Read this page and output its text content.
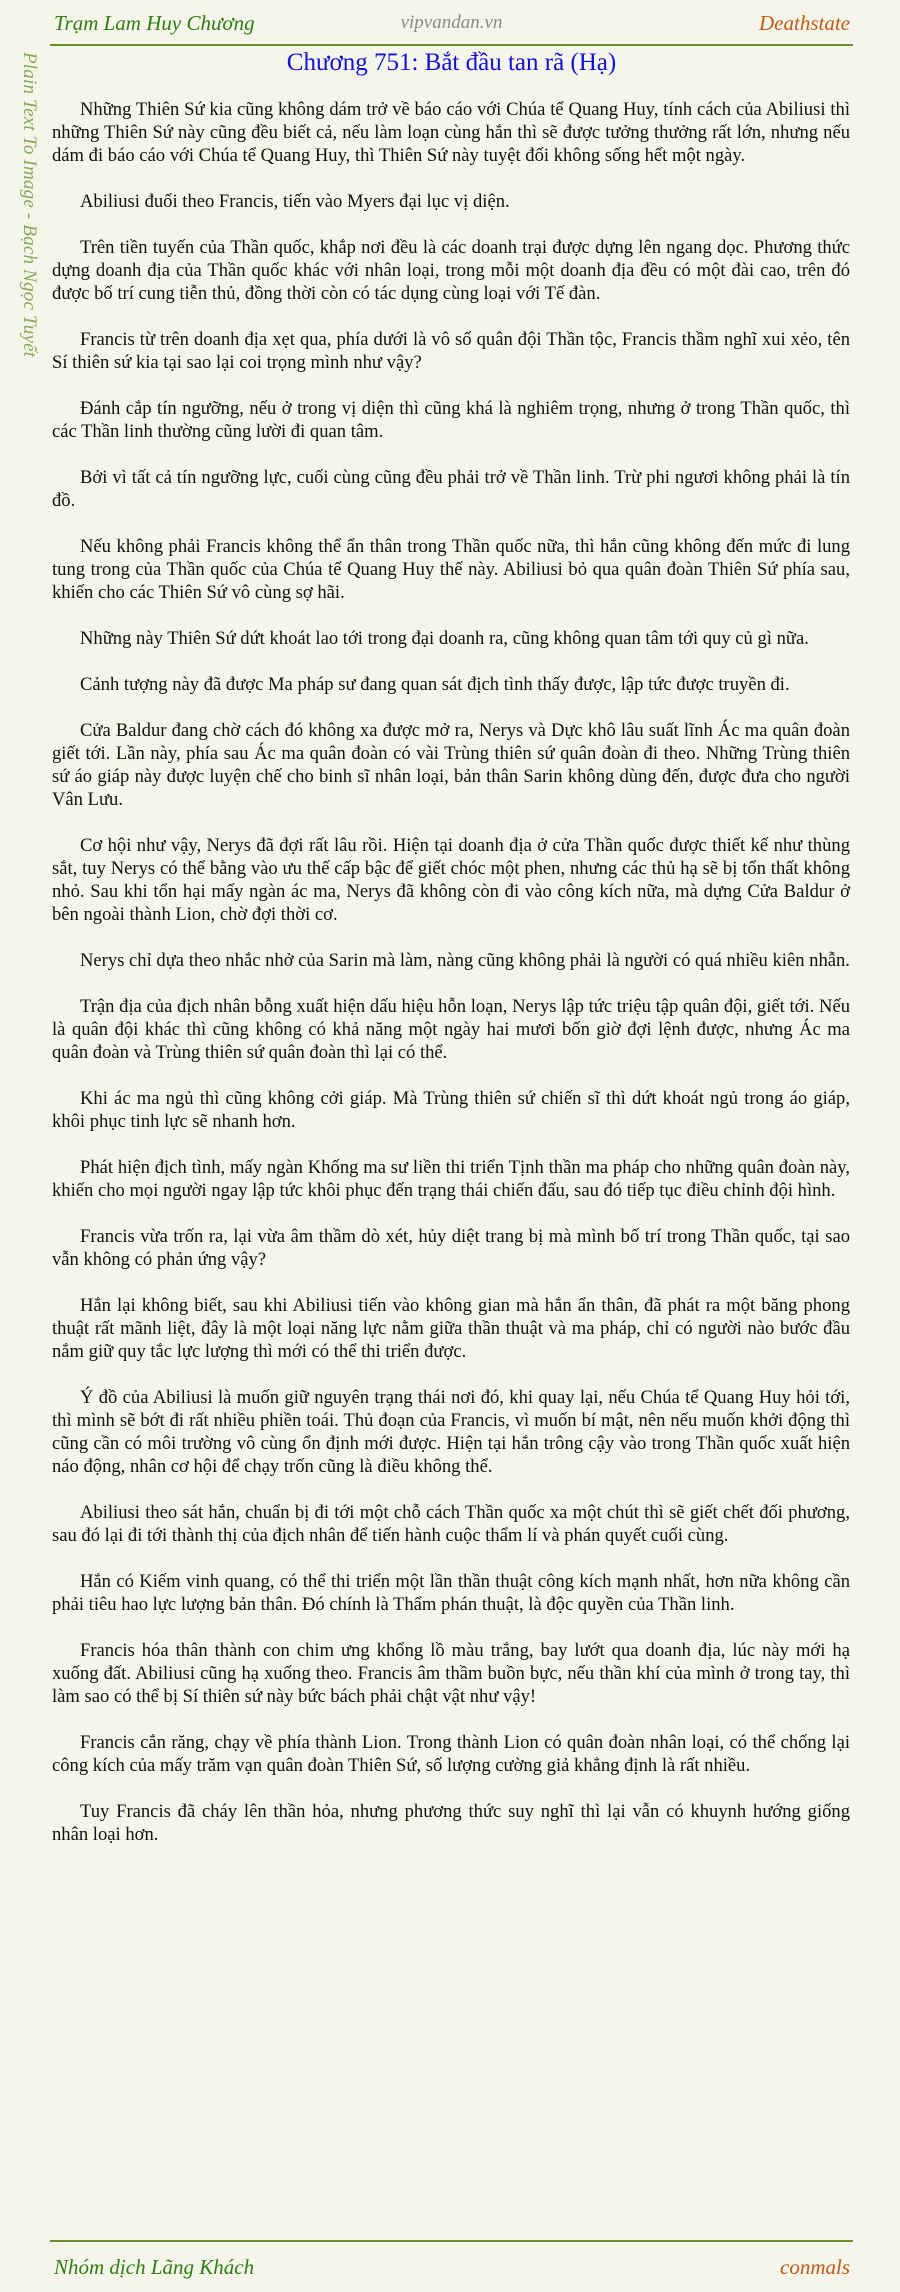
Trạm Lam Huy Chương	vipvandan.vn	Deathstate
Plain Text To Image - Bạch Ngọc Tuyết	Chương 751: Bắt đầu tan rã (Hạ)

Những Thiên Sứ kia cũng không dám trở về báo cáo với Chúa tể Quang Huy, tính cách của Abiliusi thì những Thiên Sứ này cũng đều biết cả, nếu làm loạn cùng hắn thì sẽ được tưởng thưởng rất lớn, nhưng nếu dám đi báo cáo với Chúa tể Quang Huy, thì Thiên Sứ này tuyệt đối không sống hết một ngày.

Abiliusi đuổi theo Francis, tiến vào Myers đại lục vị diện.

Trên tiền tuyến của Thần quốc, khắp nơi đều là các doanh trại được dựng lên ngang dọc. Phương thức dựng doanh địa của Thần quốc khác với nhân loại, trong mỗi một doanh địa đều có một đài cao, trên đó được bố trí cung tiễn thủ, đồng thời còn có tác dụng cùng loại với Tế đàn.

Francis từ trên doanh địa xẹt qua, phía dưới là vô số quân đội Thần tộc, Francis thầm nghĩ xui xẻo, tên Sí thiên sứ kia tại sao lại coi trọng mình như vậy?

Đánh cắp tín ngưỡng, nếu ở trong vị diện thì cũng khá là nghiêm trọng, nhưng ở trong Thần quốc, thì các Thần linh thường cũng lười đi quan tâm.

Bởi vì tất cả tín ngưỡng lực, cuối cùng cũng đều phải trở về Thần linh. Trừ phi ngươi không phải là tín đồ.

Nếu không phải Francis không thể ẩn thân trong Thần quốc nữa, thì hắn cũng không đến mức đi lung tung trong của Thần quốc của Chúa tể Quang Huy thế này. Abiliusi bỏ qua quân đoàn Thiên Sứ phía sau, khiến cho các Thiên Sứ vô cùng sợ hãi.

Những này Thiên Sứ dứt khoát lao tới trong đại doanh ra, cũng không quan tâm tới quy củ gì nữa.

Cảnh tượng này đã được Ma pháp sư đang quan sát địch tình thấy được, lập tức được truyền đi.

Cửa Baldur đang chờ cách đó không xa được mở ra, Nerys và Dực khô lâu suất lĩnh Ác ma quân đoàn giết tới. Lần này, phía sau Ác ma quân đoàn có vài Trùng thiên sứ quân đoàn đi theo. Những Trùng thiên sứ áo giáp này được luyện chế cho binh sĩ nhân loại, bản thân Sarin không dùng đến, được đưa cho người Vân Lưu.

Cơ hội như vậy, Nerys đã đợi rất lâu rồi. Hiện tại doanh địa ở cửa Thần quốc được thiết kế như thùng sắt, tuy Nerys có thể bằng vào ưu thế cấp bậc để giết chóc một phen, nhưng các thủ hạ sẽ bị tổn thất không nhỏ. Sau khi tổn hại mấy ngàn ác ma, Nerys đã không còn đi vào công kích nữa, mà dựng Cửa Baldur ở bên ngoài thành Lion, chờ đợi thời cơ.

Nerys chỉ dựa theo nhắc nhở của Sarin mà làm, nàng cũng không phải là người có quá nhiều kiên nhẫn.

Trận địa của địch nhân bỗng xuất hiện dấu hiệu hỗn loạn, Nerys lập tức triệu tập quân đội, giết tới. Nếu là quân đội khác thì cũng không có khả năng một ngày hai mươi bốn giờ đợi lệnh được, nhưng Ác ma quân đoàn và Trùng thiên sứ quân đoàn thì lại có thể.

Khi ác ma ngủ thì cũng không cởi giáp. Mà Trùng thiên sứ chiến sĩ thì dứt khoát ngủ trong áo giáp, khôi phục tinh lực sẽ nhanh hơn.

Phát hiện địch tình, mấy ngàn Khống ma sư liền thi triển Tịnh thần ma pháp cho những quân đoàn này, khiến cho mọi người ngay lập tức khôi phục đến trạng thái chiến đấu, sau đó tiếp tục điều chỉnh đội hình.

Francis vừa trốn ra, lại vừa âm thầm dò xét, hủy diệt trang bị mà mình bố trí trong Thần quốc, tại sao vẫn không có phản ứng vậy?

Hắn lại không biết, sau khi Abiliusi tiến vào không gian mà hắn ẩn thân, đã phát ra một băng phong thuật rất mãnh liệt, đây là một loại năng lực nằm giữa thần thuật và ma pháp, chỉ có người nào bước đầu nắm giữ quy tắc lực lượng thì mới có thể thi triển được.

Ý đồ của Abiliusi là muốn giữ nguyên trạng thái nơi đó, khi quay lại, nếu Chúa tể Quang Huy hỏi tới, thì mình sẽ bớt đi rất nhiều phiền toái. Thủ đoạn của Francis, vì muốn bí mật, nên nếu muốn khởi động thì cũng cần có môi trường vô cùng ổn định mới được. Hiện tại hắn trông cậy vào trong Thần quốc xuất hiện náo động, nhân cơ hội để chạy trốn cũng là điều không thể.

Abiliusi theo sát hắn, chuẩn bị đi tới một chỗ cách Thần quốc xa một chút thì sẽ giết chết đối phương, sau đó lại đi tới thành thị của địch nhân để tiến hành cuộc thẩm lí và phán quyết cuối cùng.

Hắn có Kiếm vinh quang, có thể thi triển một lần thần thuật công kích mạnh nhất, hơn nữa không cần phải tiêu hao lực lượng bản thân. Đó chính là Thẩm phán thuật, là độc quyền của Thần linh.

Francis hóa thân thành con chim ưng khổng lồ màu trắng, bay lướt qua doanh địa, lúc này mới hạ xuống đất. Abiliusi cũng hạ xuống theo. Francis âm thầm buồn bực, nếu thần khí của mình ở trong tay, thì làm sao có thể bị Sí thiên sứ này bức bách phải chật vật như vậy!

Francis cắn răng, chạy về phía thành Lion. Trong thành Lion có quân đoàn nhân loại, có thể chống lại công kích của mấy trăm vạn quân đoàn Thiên Sứ, số lượng cường giả khẳng định là rất nhiều.

Tuy Francis đã cháy lên thần hỏa, nhưng phương thức suy nghĩ thì lại vẫn có khuynh hướng giống nhân loại hơn.

Nhóm dịch Lãng Khách	conmals
